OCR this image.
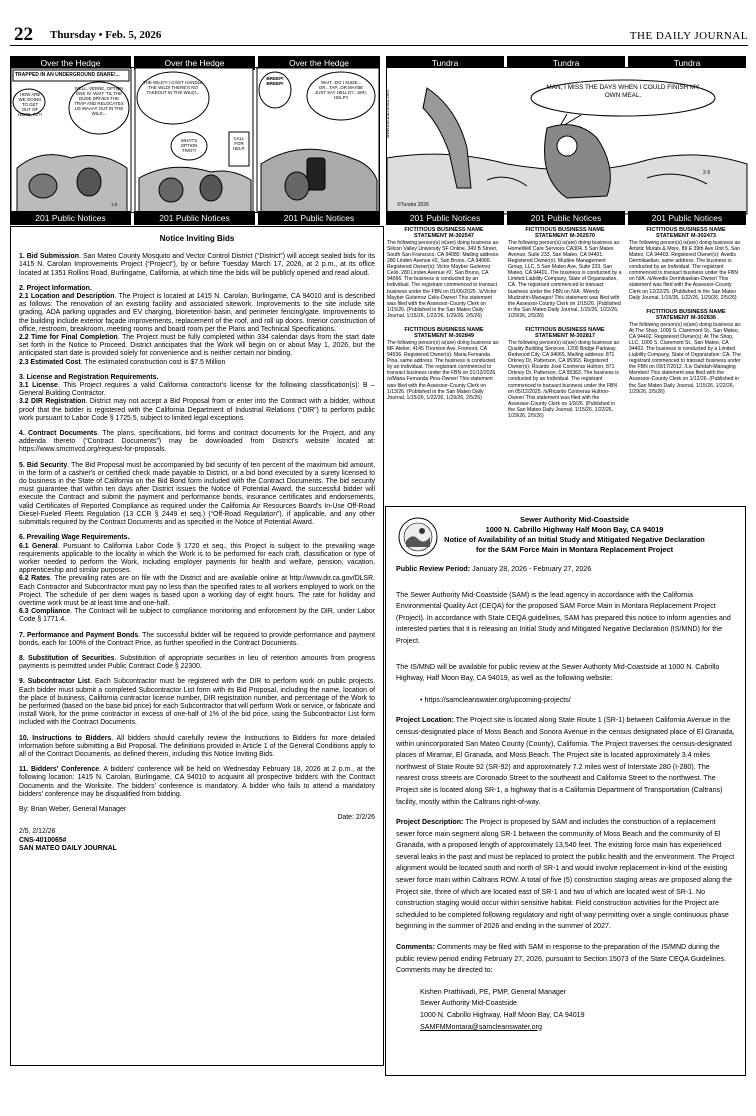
22 Thursday • Feb. 5, 2026	THE DAILY JOURNAL
Over the Hedge	Over the Hedge	Over the Hedge	Tundra	Tundra	Tundra
TRAPPED IN AN UNDERGROUND SNARE!...
HOW ARE WE GOING TO GET OUT OF HERE, RJ?!
WELL, VERNE, OPTION ONE IS: WAIT 'TIL THE DUDE DRIVES THE TRAP AND RELOCATES US WAAAY OUT IN THE WILD...
THE WILD?! I CAN'T HANDLE THE WILD! THERE'S NO TAKEOUT IN THE WILD!...
WHAT'S OPTION TWO?!
CALL FOR HELP.
BREEP! BREEP!	WAIT...DO I SUDE... OR...TAP...OR MAYBE JUST SAY HELLO?...SIRI, HELP!!
1-5
MAN, I MISS THE DAYS WHEN I COULD FINISH MY OWN MEAL.
www.tundracomics.com
©Tundra 2026
2-5
201 Public Notices	201 Public Notices	201 Public Notices	201 Public Notices	201 Public Notices	201 Public Notices
Notice Inviting Bids

1. Bid Submission. San Mateo County Mosquito and Vector Control District (“District”) will accept sealed bids for its 1415 N. Carolan Improvements Project (“Project”), by or before Tuesday March 17, 2026, at 2 p.m., at its office located at 1351 Rollins Road, Burlingame, California, at which time the bids will be publicly opened and read aloud.

2. Project Information.

2.1 Location and Description. The Project is located at 1415 N. Carolan, Burlingame, CA 94010 and is described as follows: The renovation of an existing facility and associated sitework. Improvements to the site include site grading, ADA parking upgrades and EV charging, bioretention basin, and perimeter fencing/gate. Improvements to the building include exterior façade improvements, replacement of the roof, and roll up doors. Interior construction of office, restroom, breakroom, meeting rooms and board room per the Plans and Technical Specifications.

2.2 Time for Final Completion. The Project must be fully completed within 334 calendar days from the start date set forth in the Notice to Proceed. District anticipates that the Work will begin on or about May 1, 2026, but the anticipated start date is provided solely for convenience and is neither certain nor binding.

2.3 Estimated Cost. The estimated construction cost is $7.5 Million

3. License and Registration Requirements.

3.1 License. This Project requires a valid California contractor's license for the following classification(s): B – General Building Contractor.

3.2 DIR Registration. District may not accept a Bid Proposal from or enter into the Contract with a bidder, without proof that the bidder is registered with the California Department of Industrial Relations (“DIR”) to perform public work pursuant to Labor Code § 1725.5, subject to limited legal exceptions.

4. Contract Documents. The plans, specifications, bid forms and contract documents for the Project, and any addenda thereto (“Contract Documents”) may be downloaded from District's website located at: https://www.smcmvcd.org/request-for-proposals.

5. Bid Security. The Bid Proposal must be accompanied by bid security of ten percent of the maximum bid amount, in the form of a cashier's or certified check made payable to District, or a bid bond executed by a surety licensed to do business in the State of California on the Bid Bond form included with the Contract Documents. The bid security must guarantee that within ten days after District issues the Notice of Potential Award, the successful bidder will execute the Contract and submit the payment and performance bonds, insurance certificates and endorsements, valid Certificates of Reported Compliance as required under the California Air Resources Board's In-Use Off-Road Diesel-Fueled Fleets Regulation (13 CCR § 2449 et seq.) (“Off-Road Regulation”), if applicable, and any other submittals required by the Contract Documents and as specified in the Notice of Potential Award.

6. Prevailing Wage Requirements.

6.1 General. Pursuant to California Labor Code § 1720 et seq., this Project is subject to the prevailing wage requirements applicable to the locality in which the Work is to be performed for each craft, classification or type of worker needed to perform the Work, including employer payments for health and welfare, pension, vacation, apprenticeship and similar purposes.

6.2 Rates. The prevailing rates are on file with the District and are available online at http://www.dir.ca.gov/DLSR. Each Contractor and Subcontractor must pay no less than the specified rates to all workers employed to work on the Project. The schedule of per diem wages is based upon a working day of eight hours. The rate for holiday and overtime work must be at least time and one-half.

6.3 Compliance. The Contract will be subject to compliance monitoring and enforcement by the DIR, under Labor Code § 1771.4.

7. Performance and Payment Bonds. The successful bidder will be required to provide performance and payment bonds, each for 100% of the Contract Price, as further specified in the Contract Documents.

8. Substitution of Securities. Substitution of appropriate securities in lieu of retention amounts from progress payments is permitted under Public Contract Code § 22300.

9. Subcontractor List. Each Subcontractor must be registered with the DIR to perform work on public projects. Each bidder must submit a completed Subcontractor List form with its Bid Proposal, including the name, location of the place of business, California contractor license number, DIR registration number, and percentage of the Work to be performed (based on the base bid price) for each Subcontractor that will perform Work or service, or fabricate and install Work, for the prime contractor in excess of one-half of 1% of the bid price, using the Subcontractor List form included with the Contract Documents.

10. Instructions to Bidders. All bidders should carefully review the Instructions to Bidders for more detailed information before submitting a Bid Proposal. The definitions provided in Article 1 of the General Conditions apply to all of the Contract Documents, as defined therein, including this Notice Inviting Bids.

11. Bidders' Conference. A bidders' conference will be held on Wednesday February 18, 2026 at 2 p.m., at the following location: 1415 N. Carolan, Burlingame, CA 94010 to acquaint all prospective bidders with the Contract Documents and the Worksite. The bidders' conference is mandatory. A bidder who fails to attend a mandatory bidders' conference may be disqualified from bidding.

By: Brian Weber, General Manager
Date: 2/2/26
2/5, 2/12/26
CNS-4010065#
SAN MATEO DAILY JOURNAL
FICTITIOUS BUSINESS NAME STATEMENT M-302547
The following person(s) is(are) doing business as: Silicon Valley University SF Online, 349 B Street, South San Francisco, CA 94080. Mailing address: 280 Linden Avenue #2, San Bruno, CA 94066. Registered Owner(s): Victor Mayber Gutierrez Celis, 280 Linden Avenue #2, San Bruno, CA 94066. The business is conducted by an Individual. The registrant commenced to transact business under the FBN on 01/06/2025. /s/Victor Mayber Gutierrez Celis-Owner/ This statement was filed with the Assessor-County Clerk on 1/15/26. (Published in the San Mateo Daily Journal, 1/15/26, 1/22/26, 1/29/26, 2/5/26)
FICTITIOUS BUSINESS NAME STATEMENT M-302849
The following person(s) is(are) doing business as: MF Atelier, 4145 Thornton Ave, Fremont, CA 94536. Registered Owner(s): Maria Fernanda Pina, same address. The business is conducted by an Individual. The registrant commenced to transact business under the FBN on 01/13/2026. /s/Maria Fernanda Pina-Owner/ This statement was filed with the Assessor-County Clerk on 1/13/26. (Published in the San Mateo Daily Journal, 1/15/26, 1/22/26, 1/29/26, 2/5/26)
FICTITIOUS BUSINESS NAME STATEMENT M-302570
The following person(s) is(are) doing business as: HomeWell Care Services CA304, 5 San Mateo Avenue, Suite 233, San Mateo, CA 94401. Registered Owner(s): Mudlee Management Group, LLC, 5 San Mateo Ave, Suite 233, San Mateo, CA 94401. The business is conducted by a Limited Liability Company, State of Organization, CA. The registrant commenced to transact business under the FBN on N/A. /Wendy Mudzviriri-Manager/ This statement was filed with the Assessor-County Clerk on 1/15/26. (Published in the San Mateo Daily Journal, 1/15/26, 1/22/26, 1/29/26, 2/5/26)
FICTITIOUS BUSINESS NAME STATEMENT M-302817
The following person(s) is(are) doing business as: Quality Building Services, 1200 Bridge Parkway, Redwood City, CA 94065. Mailing address: 871 Orkney Dr, Patterson, CA 95363. Registered Owner(s): Ricardo José Contreras Hultron, 871 Orkney Dr, Patterson, CA 95363. The business is conducted by an Individual. The registrant commenced to transact business under the FBN on 05/12/2025. /s/Ricardo Contreras Hultron-Owner/ This statement was filed with the Assessor-County Clerk on 1/9/26. (Published in the San Mateo Daily Journal, 1/15/26, 1/22/26, 1/29/26, 2/5/26)
FICTITIOUS BUSINESS NAME STATEMENT M-302473
The following person(s) is(are) doing business as: Artistic Murals & More, 89 E 39th Ave Unit 5, San Mateo, CA 94403. Registered Owner(s): Avedis Dermikaelian, same address. The business is conducted by an Individual. The registrant commenced to transact business under the FBN on N/A. /s/Avedis Dermikaelian-Owner/ This statement was filed with the Assessor-County Clerk on 12/22/25. (Published in the San Mateo Daily Journal, 1/15/26, 1/22/26, 1/29/26, 2/5/26)
FICTITIOUS BUSINESS NAME STATEMENT M-302836
The following person(s) is(are) doing business as: At The Shop, 1000 S. Claremont St., San Mateo, CA 94402. Registered Owner(s): At The Shop, LLC, 1000 S. Claremont St., San Mateo, CA 94402. The business is conducted by a Limited Liability Company, State of Organization: CA. The registrant commenced to transact business under the FBN on 09/17/2012. /Liv Dahdah-Managing Member/ This statement was filed with the Assessor-County Clerk on 1/12/26. (Published in the San Mateo Daily Journal, 1/15/26, 1/22/26, 1/29/26, 2/5/26)
Sewer Authority Mid-Coastside
1000 N. Cabrillo Highway Half Moon Bay, CA 94019
Notice of Availability of an Initial Study and Mitigated Negative Declaration
for the SAM Force Main in Montara Replacement Project

Public Review Period: January 28, 2026 - February 27, 2026

The Sewer Authority Mid-Coastside (SAM) is the lead agency in accordance with the California Environmental Quality Act (CEQA) for the proposed SAM Force Main in Montara Replacement Project (Project). In accordance with State CEQA guidelines, SAM has prepared this notice to inform agencies and interested parties that it is releasing an Initial Study and Mitigated Negative Declaration (IS/MND) for the Project.

The IS/MND will be available for public review at the Sewer Authority Mid-Coastside at 1000 N. Cabrillo Highway, Half Moon Bay, CA 94019, as well as the following website:

• https://samcleanswater.org/upcoming-projects/

Project Location: The Project site is located along State Route 1 (SR-1) between California Avenue in the census-designated place of Moss Beach and Sonora Avenue in the census designated place of El Granada, within unincorporated San Mateo County (County), California. The Project traverses the census-designated places of Miramar, El Granada, and Moss Beach. The Project site is located approximately 3.4 miles northwest of State Route 92 (SR-92) and approximately 7.2 miles west of Interstate 280 (I-280). The nearest cross streets are Coronado Street to the southeast and California Street to the northwest. The Project site is located along SR-1, a highway that is a California Department of Transportation (Caltrans) facility, mostly within the Caltrans right-of-way.

Project Description: The Project is proposed by SAM and includes the construction of a replacement sewer force main segment along SR-1 between the community of Moss Beach and the community of El Granada, with a proposed length of approximately 13,540 feet. The existing force main has experienced several leaks in the past and must be replaced to protect the public health and the environment. The Project alignment would be located south and north of SR-1 and would involve replacement in-kind of the existing sewer force main within Caltrans ROW. A total of five (5) construction staging areas are proposed along the Project site, three of which are located east of SR-1 and two of which are located west of SR-1. No construction staging would occur within sensitive habitat. Field construction activities for the Project are scheduled to be completed following regulatory and right of way permitting over a single continuous phase beginning in the summer of 2026 and ending in the summer of 2027.

Comments: Comments may be filed with SAM in response to the preparation of the IS/MND during the public review period ending February 27, 2026, pursuant to Section 15073 of the State CEQA Guidelines. Comments may be directed to:

Kishen Prathivadi, PE, PMP, General Manager
Sewer Authority Mid-Coastside
1000 N. Cabrillo Highway, Half Moon Bay, CA 94019
SAMFMMontara@samcleanswater.org
